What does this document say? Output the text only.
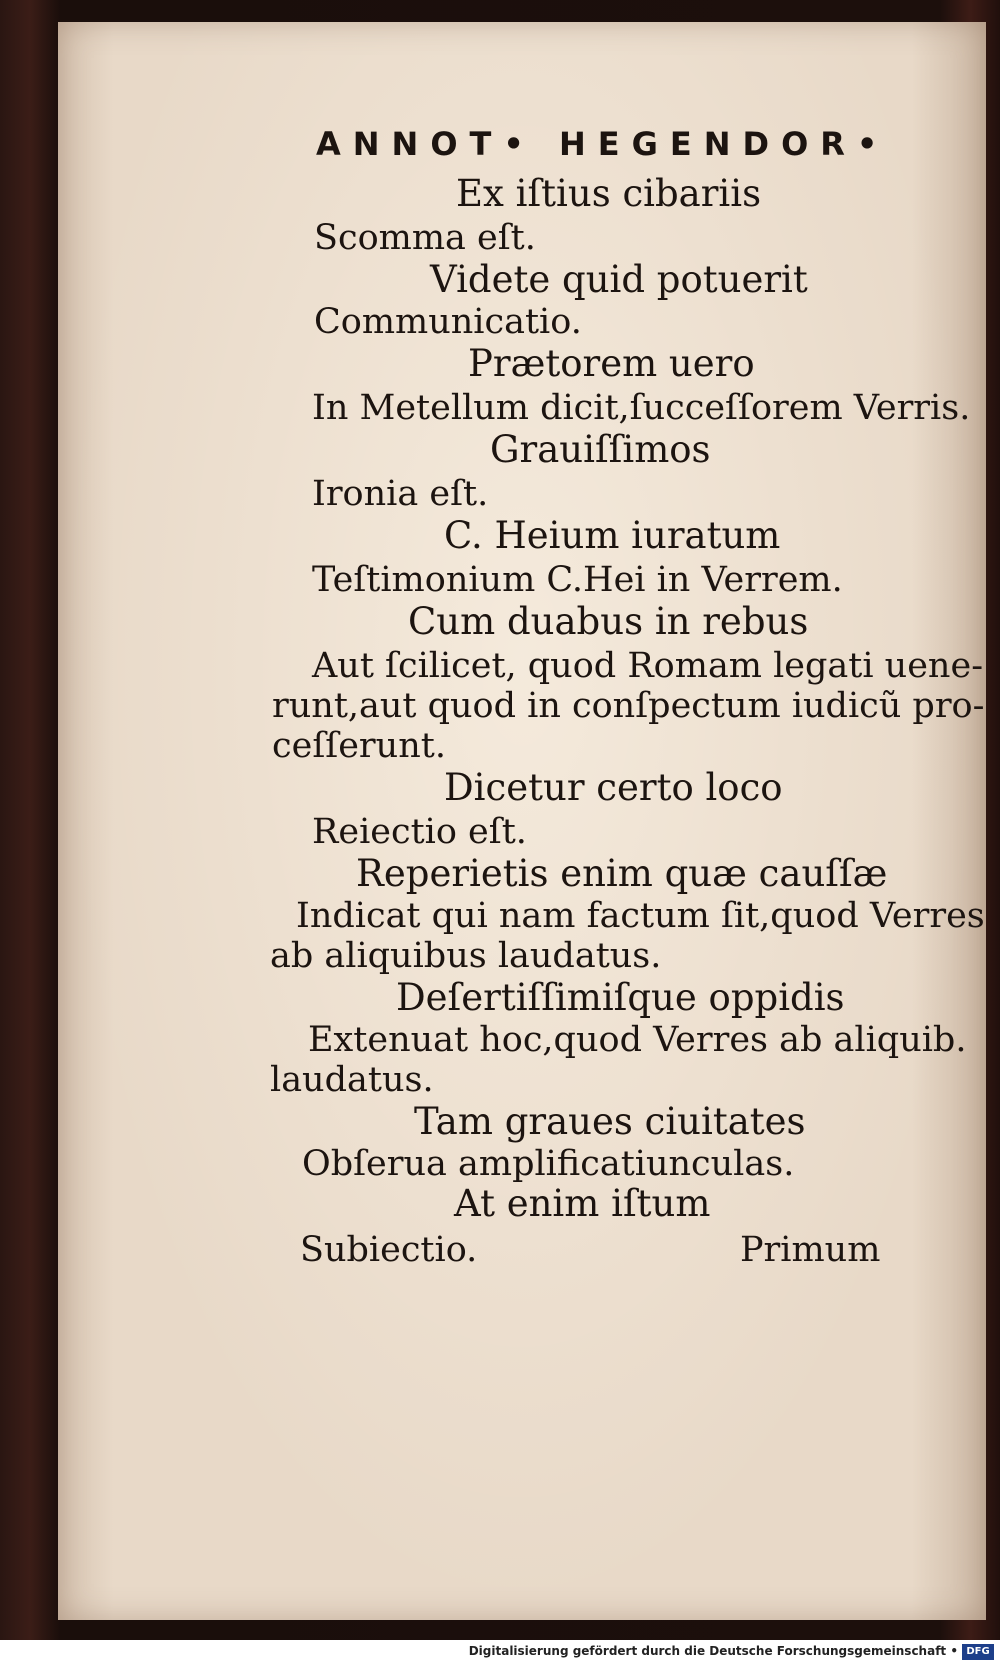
ANNOT• HEGENDOR•

Ex iſtius cibariis

Scomma eſt.

Videte quid potuerit

Communicatio.

Prætorem uero

In Metellum dicit,ſucceſſorem Verris.

Grauiſſimos

Ironia eſt.

C. Heium iuratum

Teſtimonium C.Hei in Verrem.

Cum duabus in rebus

Aut ſcilicet, quod Romam legati uene-

runt,aut quod in conſpectum iudicũ pro-

ceſſerunt.

Dicetur certo loco

Reiectio eſt.

Reperietis enim quæ cauſſæ

Indicat qui nam factum ſit,quod Verres

ab aliquibus laudatus.

Deſertiſſimiſque oppidis

Extenuat hoc,quod Verres ab aliquib.

laudatus.

Tam graues ciuitates

Obſerua amplificatiunculas.

At enim iſtum

Subiectio.	Primum

Digitalisierung gefördert durch die Deutsche Forschungsgemeinschaft • DFG
